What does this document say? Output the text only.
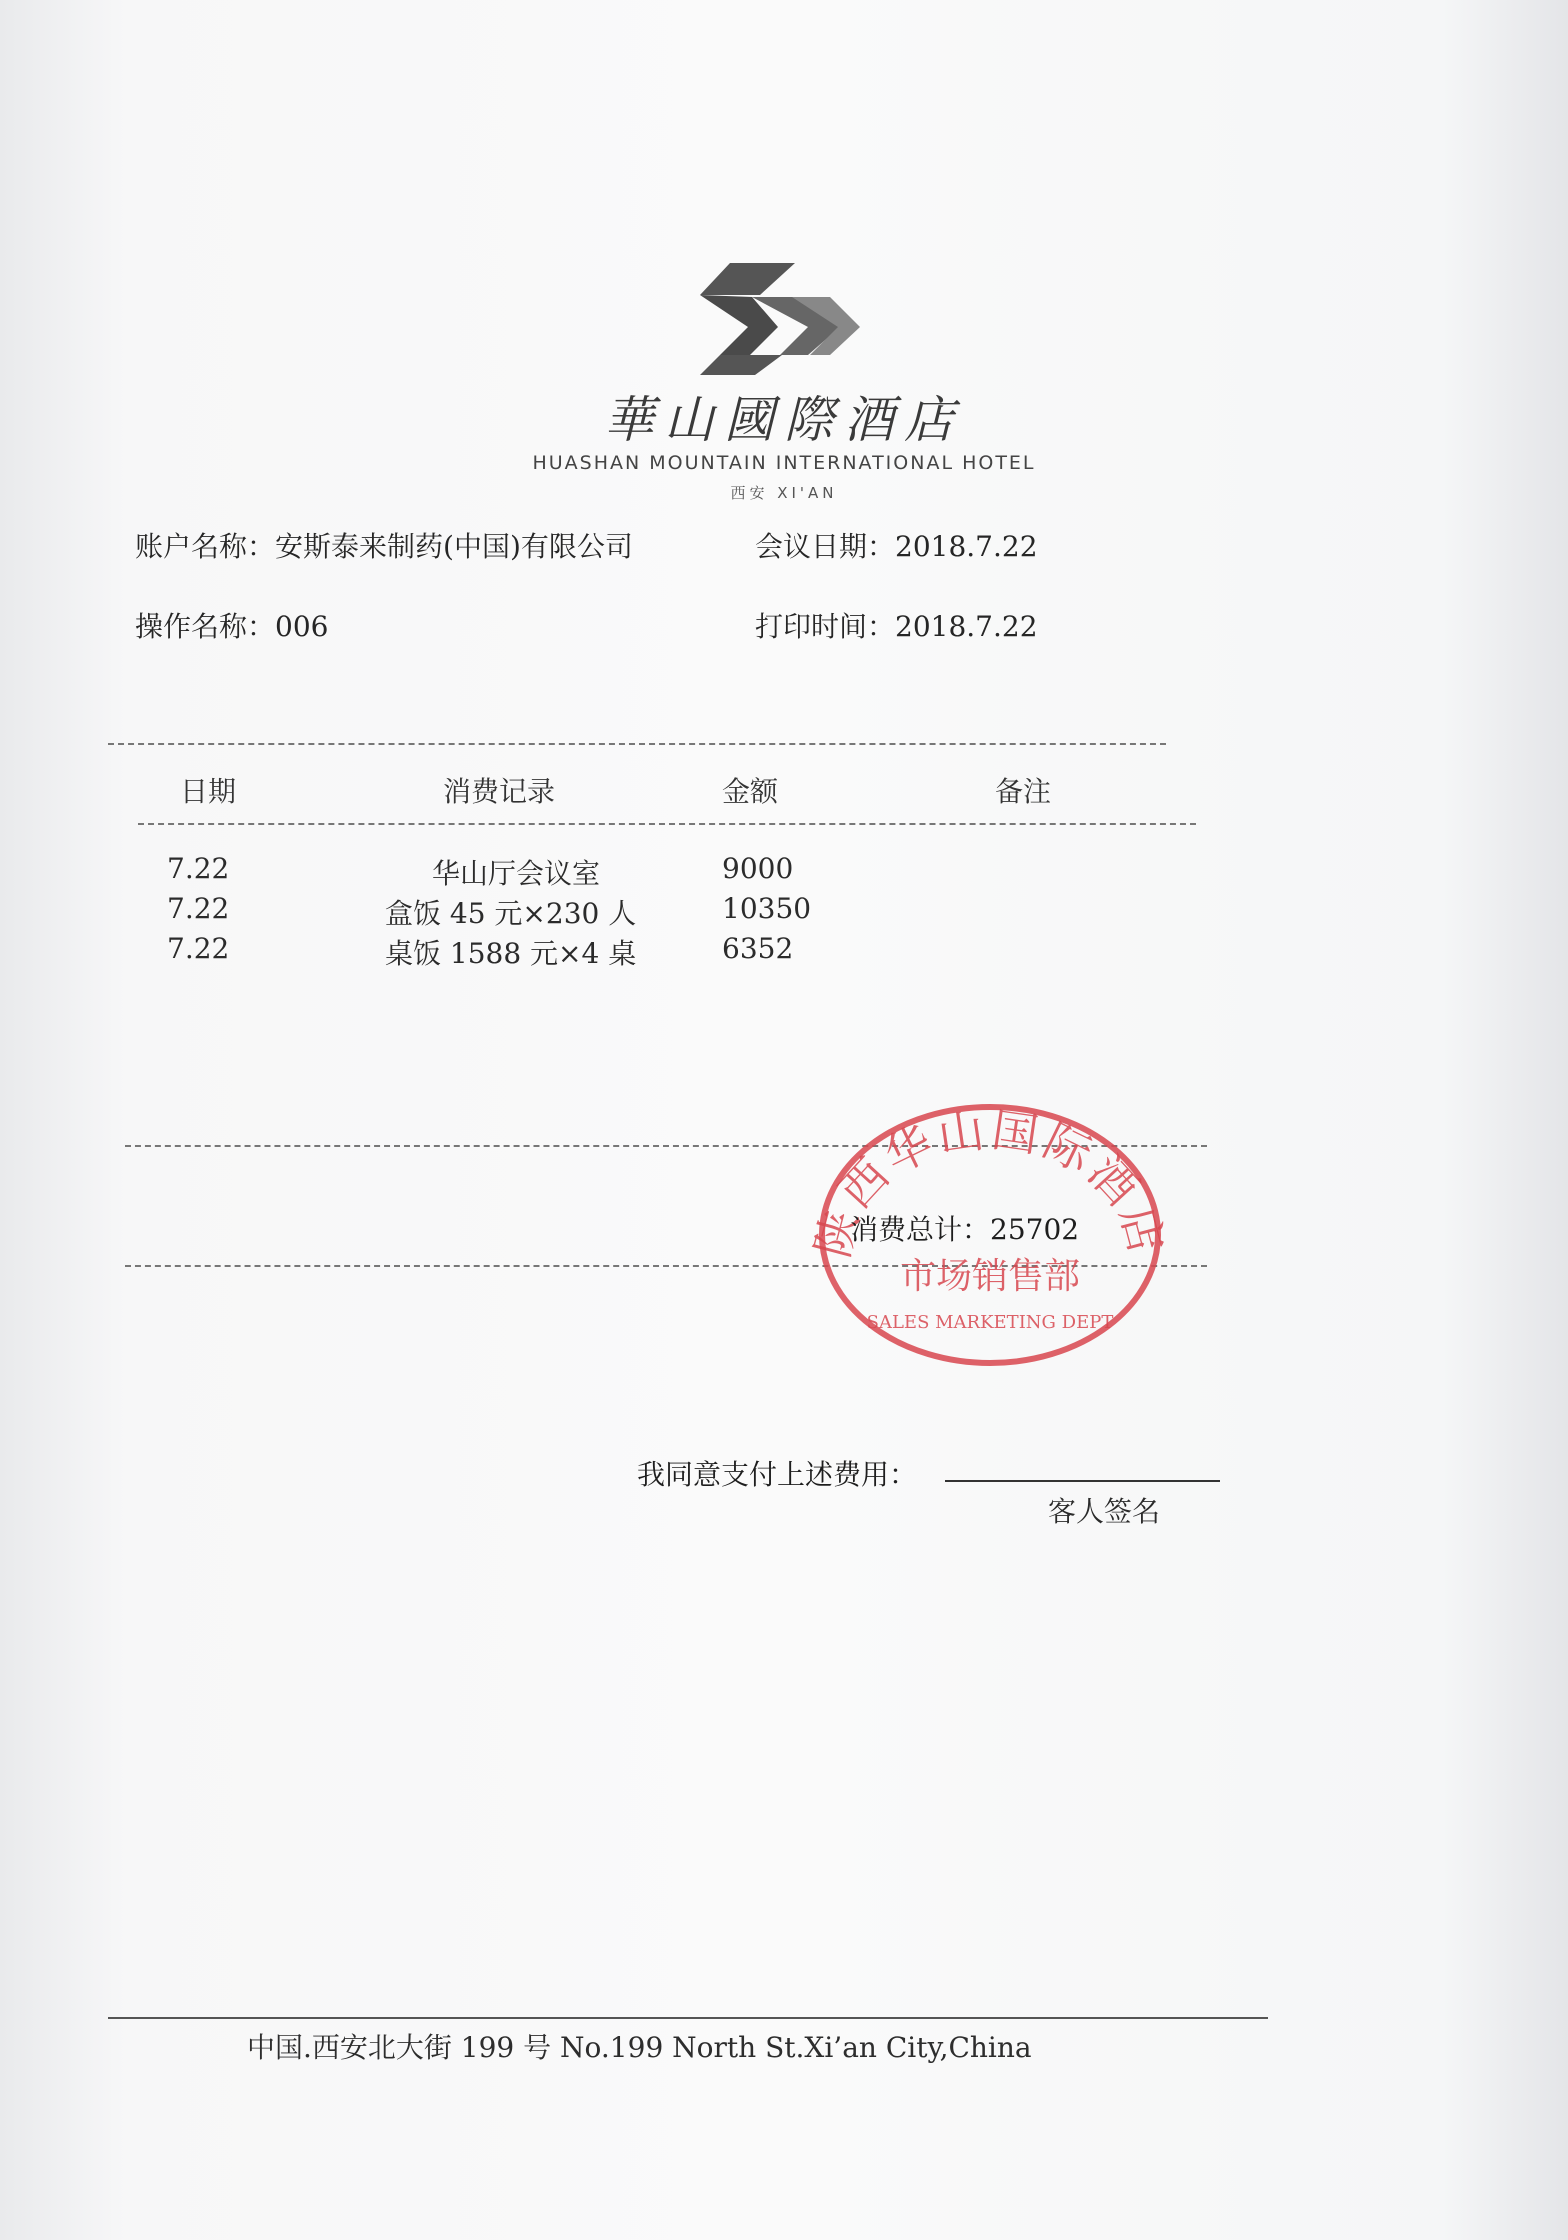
華山國際酒店
HUASHAN MOUNTAIN INTERNATIONAL HOTEL
西安 XI'AN
账户名称：安斯泰来制药(中国)有限公司	会议日期：2018.7.22
操作名称：006	打印时间：2018.7.22
日期	消费记录	金额	备注
7.22	华山厅会议室	9000
7.22	盒饭 45 元×230 人	10350
7.22	桌饭 1588 元×4 桌	6352
陕西华山国际酒店
市场销售部
SALES MARKETING DEPT
消费总计：25702
我同意支付上述费用：
客人签名
中国.西安北大街 199 号 No.199 North St.Xi’an City,China
